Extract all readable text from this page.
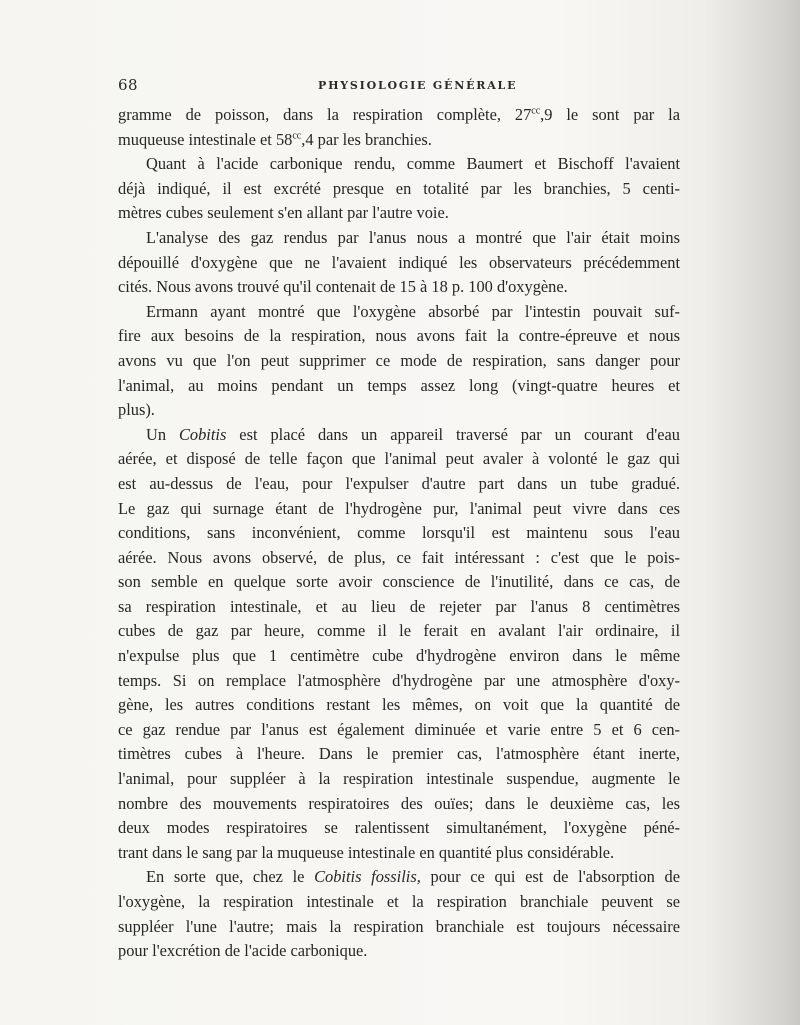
68	PHYSIOLOGIE GÉNÉRALE
gramme de poisson, dans la respiration complète, $27^{cc},9$ le sont par la
muqueuse intestinale et $58^{cc},4$ par les branchies.
Quant à l'acide carbonique rendu, comme Baumert et Bischoff l'avaient
déjà indiqué, il est excrété presque en totalité par les branchies, 5 centi-
mètres cubes seulement s'en allant par l'autre voie.
L'analyse des gaz rendus par l'anus nous a montré que l'air était moins
dépouillé d'oxygène que ne l'avaient indiqué les observateurs précédemment
cités. Nous avons trouvé qu'il contenait de 15 à 18 p. 100 d'oxygène.
Ermann ayant montré que l'oxygène absorbé par l'intestin pouvait suf-
fire aux besoins de la respiration, nous avons fait la contre-épreuve et nous
avons vu que l'on peut supprimer ce mode de respiration, sans danger pour
l'animal, au moins pendant un temps assez long (vingt-quatre heures et
plus).
Un Cobitis est placé dans un appareil traversé par un courant d'eau
aérée, et disposé de telle façon que l'animal peut avaler à volonté le gaz qui
est au-dessus de l'eau, pour l'expulser d'autre part dans un tube gradué.
Le gaz qui surnage étant de l'hydrogène pur, l'animal peut vivre dans ces
conditions, sans inconvénient, comme lorsqu'il est maintenu sous l'eau
aérée. Nous avons observé, de plus, ce fait intéressant : c'est que le pois-
son semble en quelque sorte avoir conscience de l'inutilité, dans ce cas, de
sa respiration intestinale, et au lieu de rejeter par l'anus 8 centimètres
cubes de gaz par heure, comme il le ferait en avalant l'air ordinaire, il
n'expulse plus que 1 centimètre cube d'hydrogène environ dans le même
temps. Si on remplace l'atmosphère d'hydrogène par une atmosphère d'oxy-
gène, les autres conditions restant les mêmes, on voit que la quantité de
ce gaz rendue par l'anus est également diminuée et varie entre 5 et 6 cen-
timètres cubes à l'heure. Dans le premier cas, l'atmosphère étant inerte,
l'animal, pour suppléer à la respiration intestinale suspendue, augmente le
nombre des mouvements respiratoires des ouïes; dans le deuxième cas, les
deux modes respiratoires se ralentissent simultanément, l'oxygène péné-
trant dans le sang par la muqueuse intestinale en quantité plus considérable.
En sorte que, chez le Cobitis fossilis, pour ce qui est de l'absorption de
l'oxygène, la respiration intestinale et la respiration branchiale peuvent se
suppléer l'une l'autre; mais la respiration branchiale est toujours nécessaire
pour l'excrétion de l'acide carbonique.
